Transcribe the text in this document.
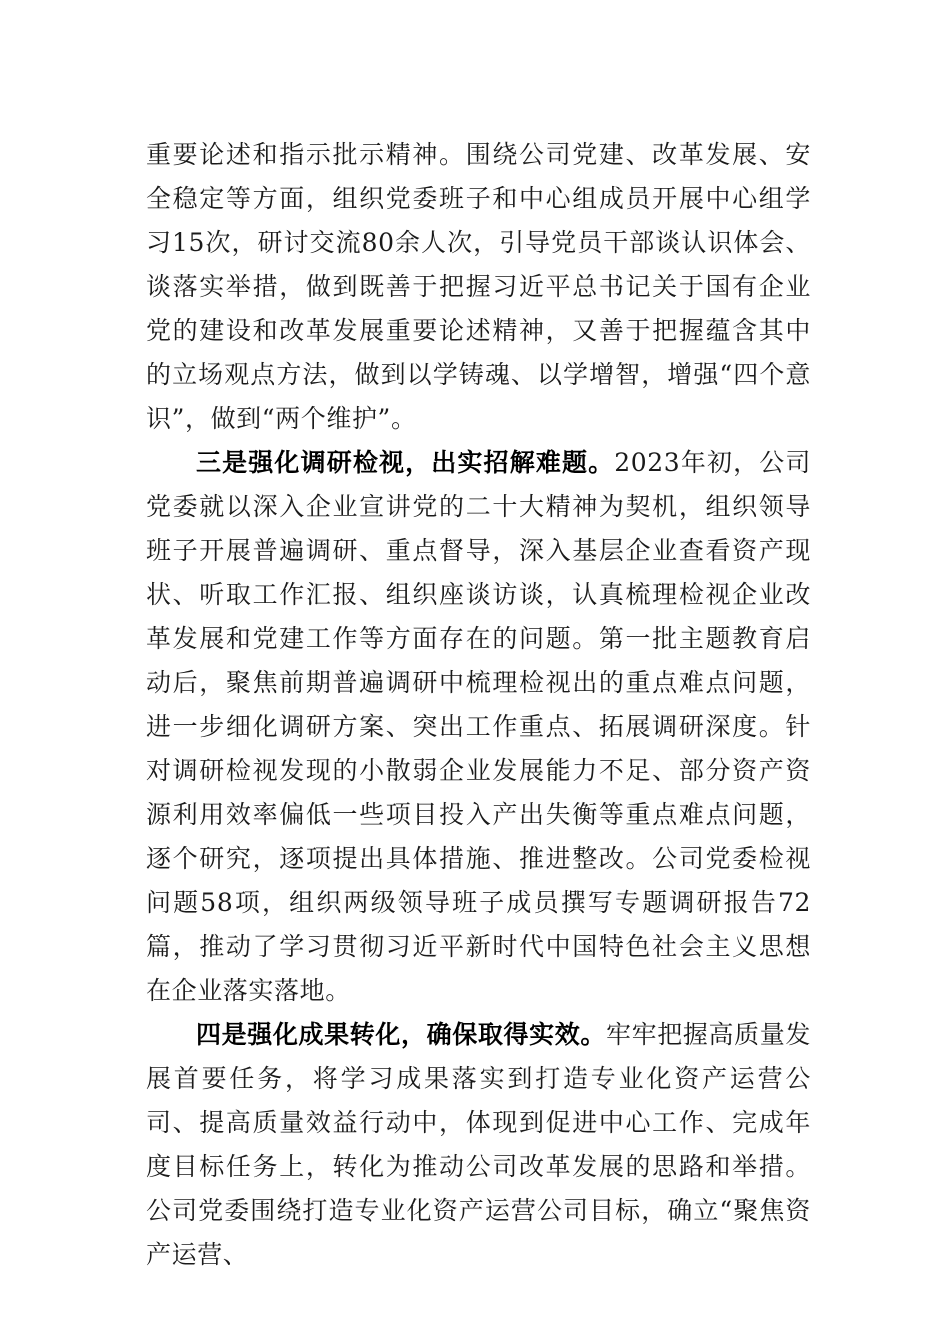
重要论述和指示批示精神。围绕公司党建、改革发展、安全稳定等方面，组织党委班子和中心组成员开展中心组学习15次，研讨交流80余人次，引导党员干部谈认识体会、谈落实举措，做到既善于把握习近平总书记关于国有企业党的建设和改革发展重要论述精神，又善于把握蕴含其中的立场观点方法，做到以学铸魂、以学增智，增强“四个意识”，做到“两个维护”。

三是强化调研检视，出实招解难题。2023年初，公司党委就以深入企业宣讲党的二十大精神为契机，组织领导班子开展普遍调研、重点督导，深入基层企业查看资产现状、听取工作汇报、组织座谈访谈，认真梳理检视企业改革发展和党建工作等方面存在的问题。第一批主题教育启动后，聚焦前期普遍调研中梳理检视出的重点难点问题，进一步细化调研方案、突出工作重点、拓展调研深度。针对调研检视发现的小散弱企业发展能力不足、部分资产资源利用效率偏低一些项目投入产出失衡等重点难点问题，逐个研究，逐项提出具体措施、推进整改。公司党委检视问题58项，组织两级领导班子成员撰写专题调研报告72篇，推动了学习贯彻习近平新时代中国特色社会主义思想在企业落实落地。

四是强化成果转化，确保取得实效。牢牢把握高质量发展首要任务，将学习成果落实到打造专业化资产运营公司、提高质量效益行动中，体现到促进中心工作、完成年度目标任务上，转化为推动公司改革发展的思路和举措。公司党委围绕打造专业化资产运营公司目标，确立“聚焦资产运营、
